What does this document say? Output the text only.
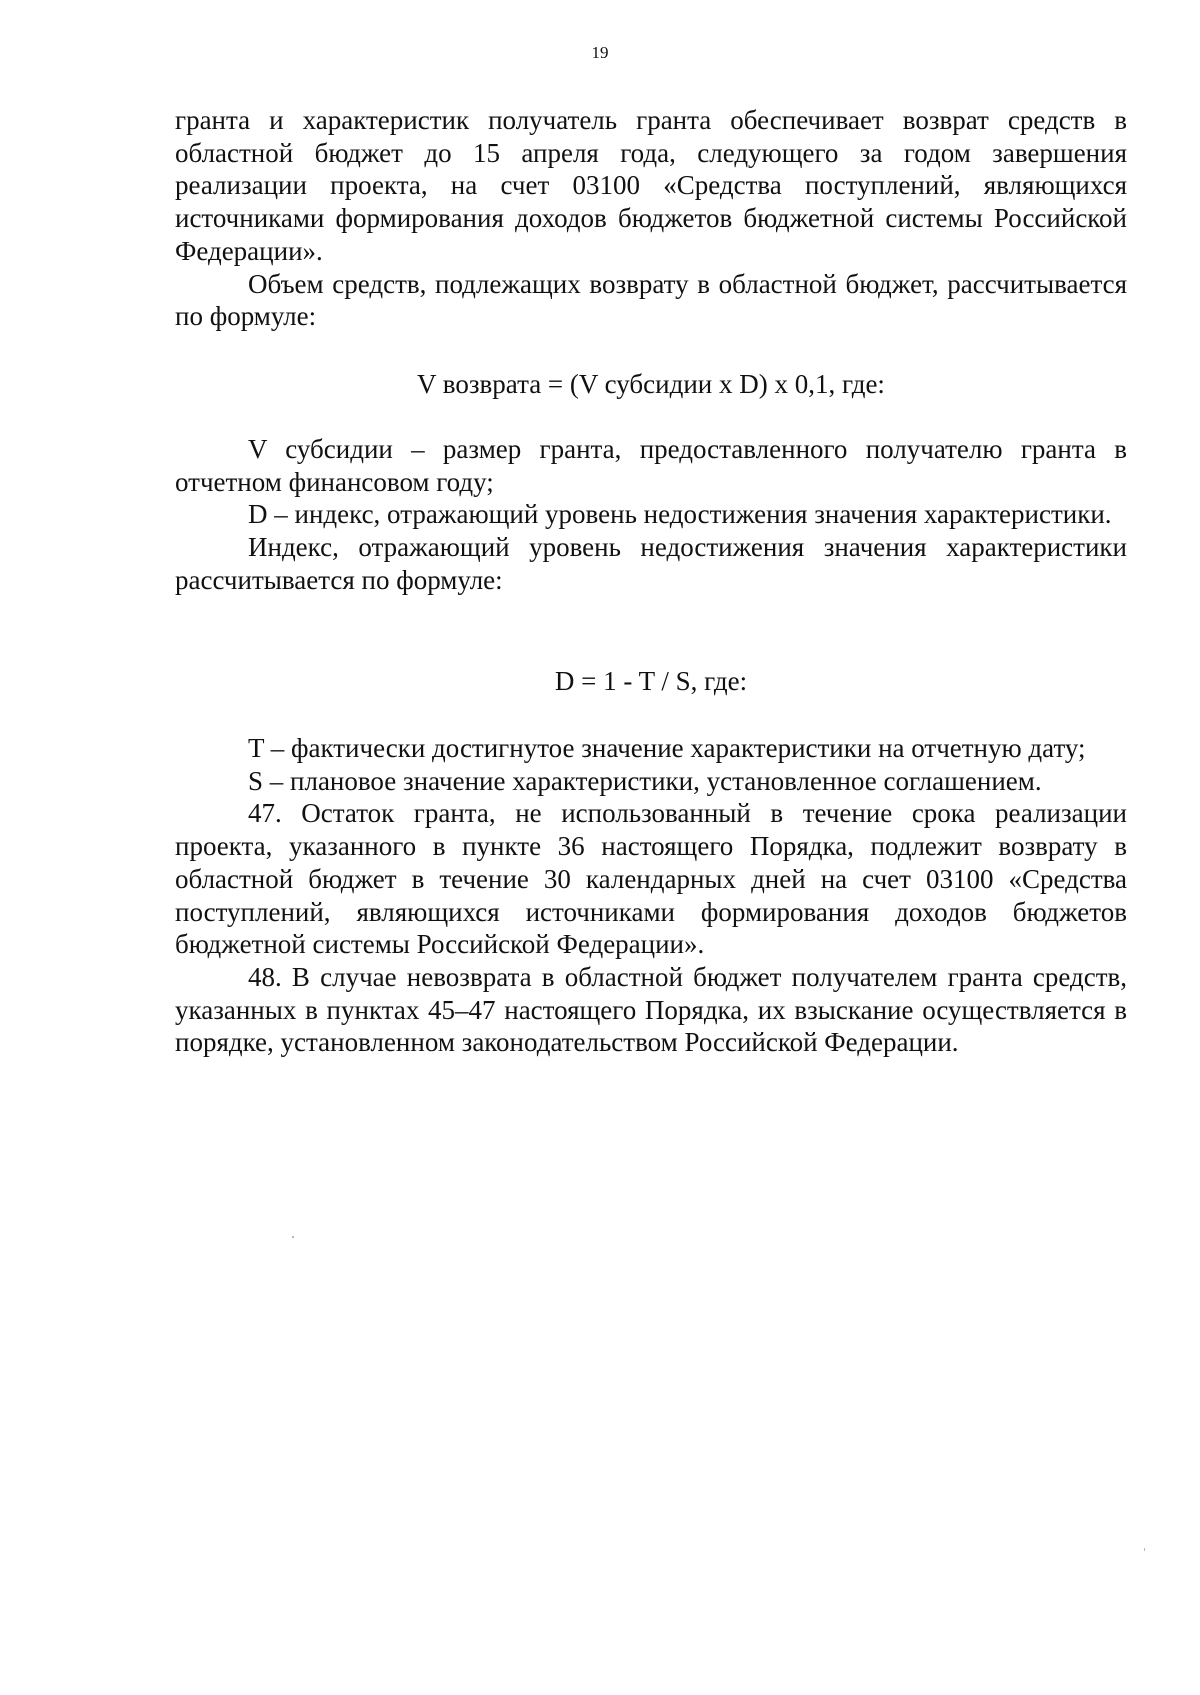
19

гранта и характеристик получатель гранта обеспечивает возврат средств в областной бюджет до 15 апреля года, следующего за годом завершения реализации проекта, на счет 03100 «Средства поступлений, являющихся источниками формирования доходов бюджетов бюджетной системы Российской Федерации».

Объем средств, подлежащих возврату в областной бюджет, рассчитывается по формуле:

V возврата = (V субсидии x D) x 0,1, где:

V субсидии – размер гранта, предоставленного получателю гранта в отчетном финансовом году;

D – индекс, отражающий уровень недостижения значения характеристики.

Индекс, отражающий уровень недостижения значения характеристики рассчитывается по формуле:

D = 1 - T / S, где:

T – фактически достигнутое значение характеристики на отчетную дату;

S – плановое значение характеристики, установленное соглашением.

47. Остаток гранта, не использованный в течение срока реализации проекта, указанного в пункте 36 настоящего Порядка, подлежит возврату в областной бюджет в течение 30 календарных дней на счет 03100 «Средства поступлений, являющихся источниками формирования доходов бюджетов бюджетной системы Российской Федерации».

48. В случае невозврата в областной бюджет получателем гранта средств, указанных в пунктах 45–47 настоящего Порядка, их взыскание осуществляется в порядке, установленном законодательством Российской Федерации.
